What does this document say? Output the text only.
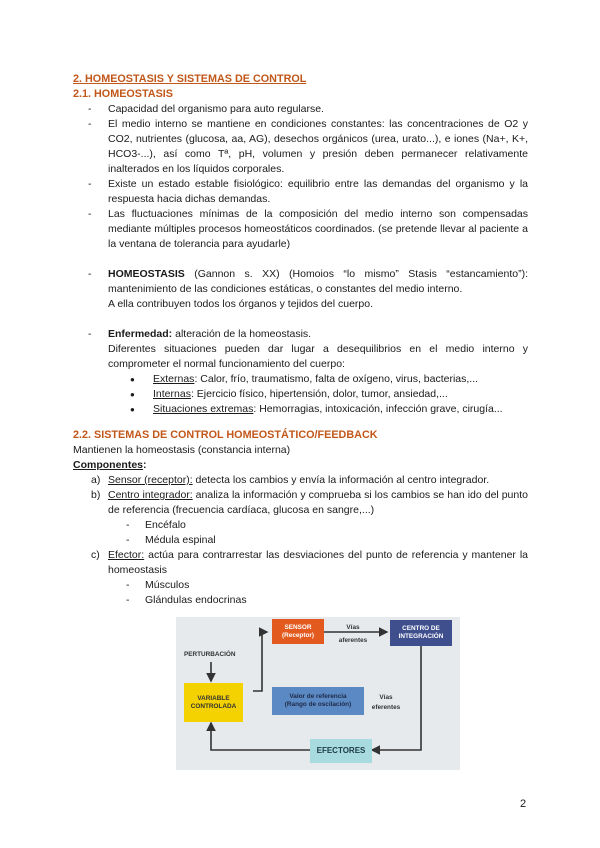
2. HOMEOSTASIS Y SISTEMAS DE CONTROL

2.1. HOMEOSTASIS

- Capacidad del organismo para auto regularse.
- El medio interno se mantiene en condiciones constantes: las concentraciones de O2 y CO2, nutrientes (glucosa, aa, AG), desechos orgánicos (urea, urato...), e iones (Na+, K+, HCO3-...), así como Tª, pH, volumen y presión deben permanecer relativamente inalterados en los líquidos corporales.
- Existe un estado estable fisiológico: equilibrio entre las demandas del organismo y la respuesta hacia dichas demandas.
- Las fluctuaciones mínimas de la composición del medio interno son compensadas mediante múltiples procesos homeostáticos coordinados. (se pretende llevar al paciente a la ventana de tolerancia para ayudarle)
- HOMEOSTASIS (Gannon s. XX) (Homoios “lo mismo” Stasis “estancamiento”): mantenimiento de las condiciones estáticas, o constantes del medio interno.
A ella contribuyen todos los órganos y tejidos del cuerpo.
- Enfermedad: alteración de la homeostasis.
Diferentes situaciones pueden dar lugar a desequilibrios en el medio interno y comprometer el normal funcionamiento del cuerpo:
● Externas: Calor, frío, traumatismo, falta de oxígeno, virus, bacterias,...
● Internas: Ejercicio físico, hipertensión, dolor, tumor, ansiedad,...
● Situaciones extremas: Hemorragias, intoxicación, infección grave, cirugía...

2.2. SISTEMAS DE CONTROL HOMEOSTÁTICO/FEEDBACK

Mantienen la homeostasis (constancia interna)

Componentes:

a) Sensor (receptor): detecta los cambios y envía la información al centro integrador.
b) Centro integrador: analiza la información y comprueba si los cambios se han ido del punto de referencia (frecuencia cardíaca, glucosa en sangre,...)
- Encéfalo
- Médula espinal
c) Efector: actúa para contrarrestar las desviaciones del punto de referencia y mantener la homeostasis
- Músculos
- Glándulas endocrinas
PERTURBACIÓN
SENSOR
(Receptor)
Vías aferentes
CENTRO DE INTEGRACIÓN
VARIABLE CONTROLADA
Valor de referencia
(Rango de oscilación)
Vías eferentes
EFECTORES
2
